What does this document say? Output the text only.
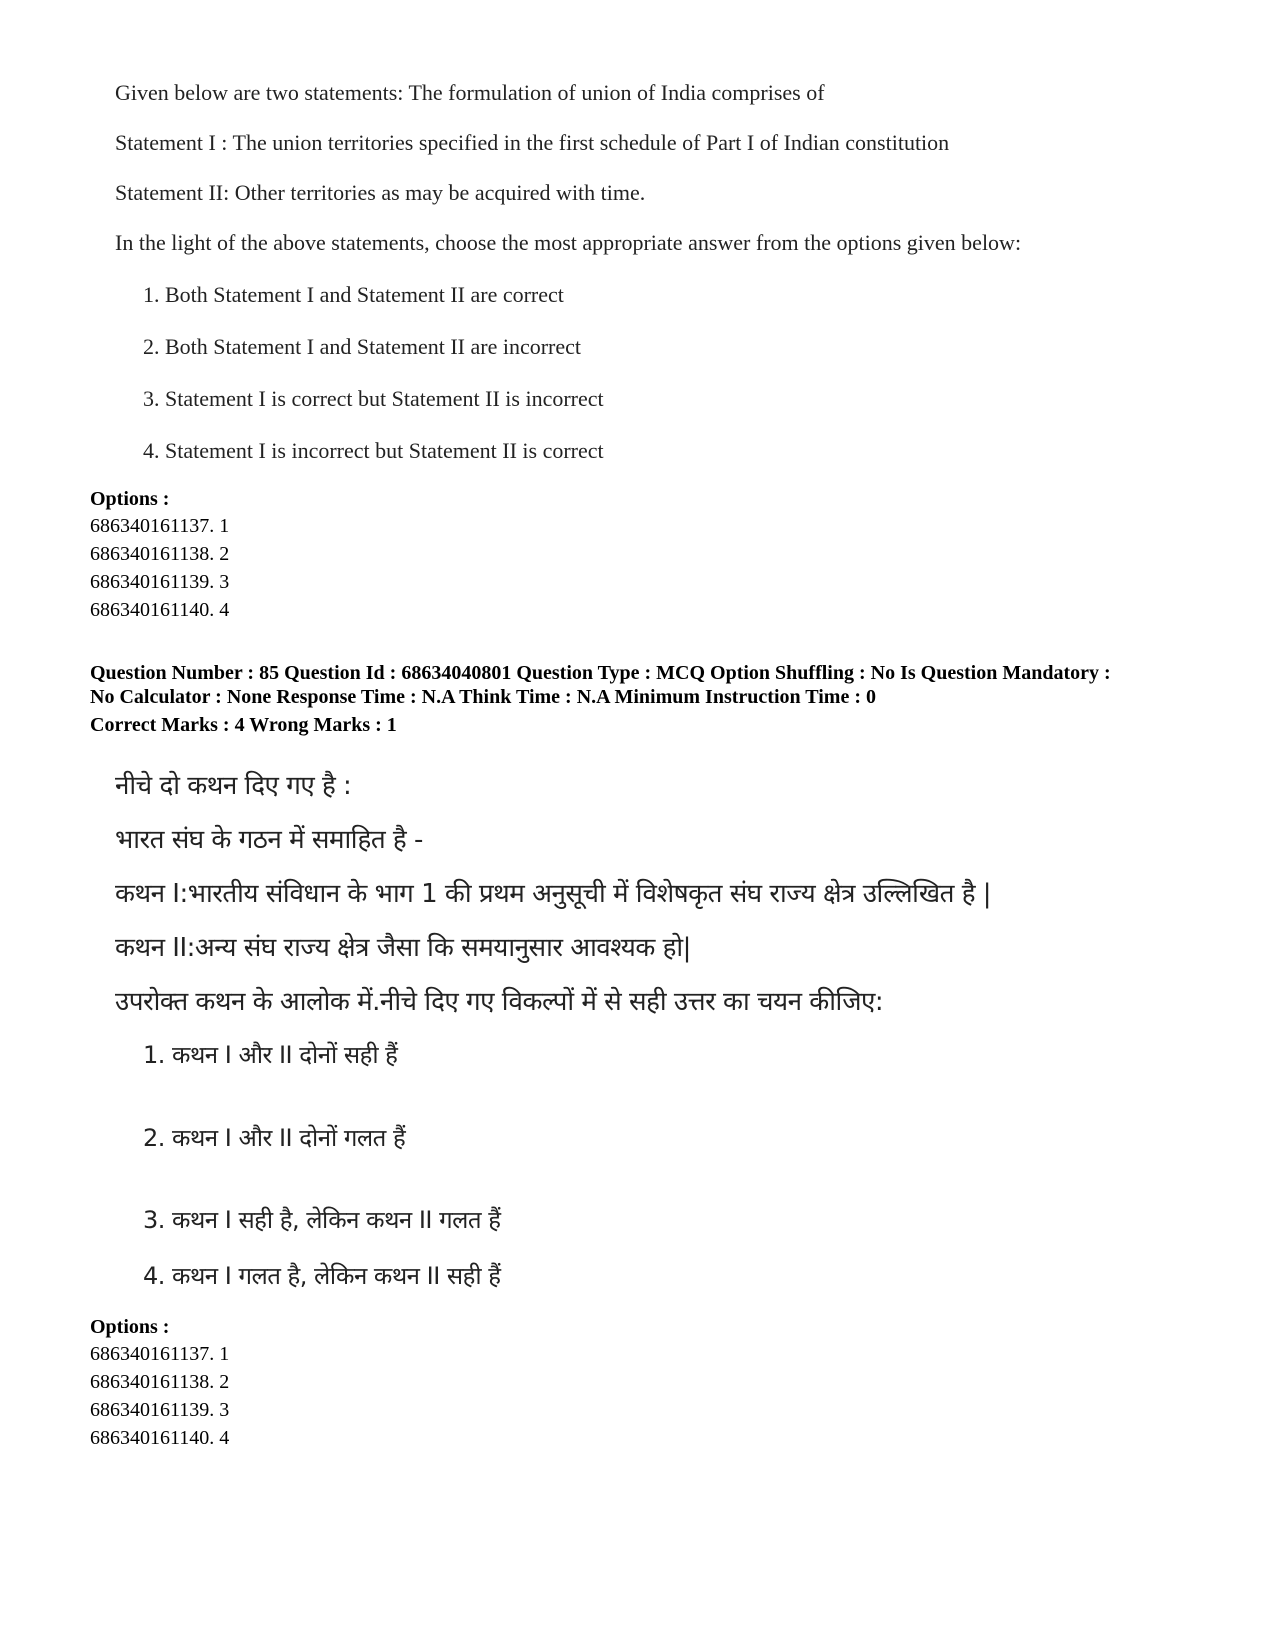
Given below are two statements: The formulation of union of India comprises of
Statement I : The union territories specified in the first schedule of Part I of Indian constitution
Statement II: Other territories as may be acquired with time.
In the light of the above statements, choose the most appropriate answer from the options given below:
1. Both Statement I and Statement II are correct
2. Both Statement I and Statement II are incorrect
3. Statement I is correct but Statement II is incorrect
4. Statement I is incorrect but Statement II is correct
Options :
686340161137. 1
686340161138. 2
686340161139. 3
686340161140. 4
Question Number : 85 Question Id : 68634040801 Question Type : MCQ Option Shuffling : No Is Question Mandatory :
No Calculator : None Response Time : N.A Think Time : N.A Minimum Instruction Time : 0
Correct Marks : 4 Wrong Marks : 1
नीचे दो कथन दिए गए है :
भारत संघ के गठन में समाहित है -
कथन I:भारतीय संविधान के भाग 1 की प्रथम अनुसूची में विशेषकृत संघ राज्य क्षेत्र उल्लिखित है |
कथन II:अन्य संघ राज्य क्षेत्र जैसा कि समयानुसार आवश्यक हो|
उपरोक्त कथन के आलोक में.नीचे दिए गए विकल्पों में से सही उत्तर का चयन कीजिए:
1. कथन I और II दोनों सही हैं
2. कथन I और II दोनों गलत हैं
3. कथन I सही है, लेकिन कथन II गलत हैं
4. कथन I गलत है, लेकिन कथन II सही हैं
Options :
686340161137. 1
686340161138. 2
686340161139. 3
686340161140. 4
